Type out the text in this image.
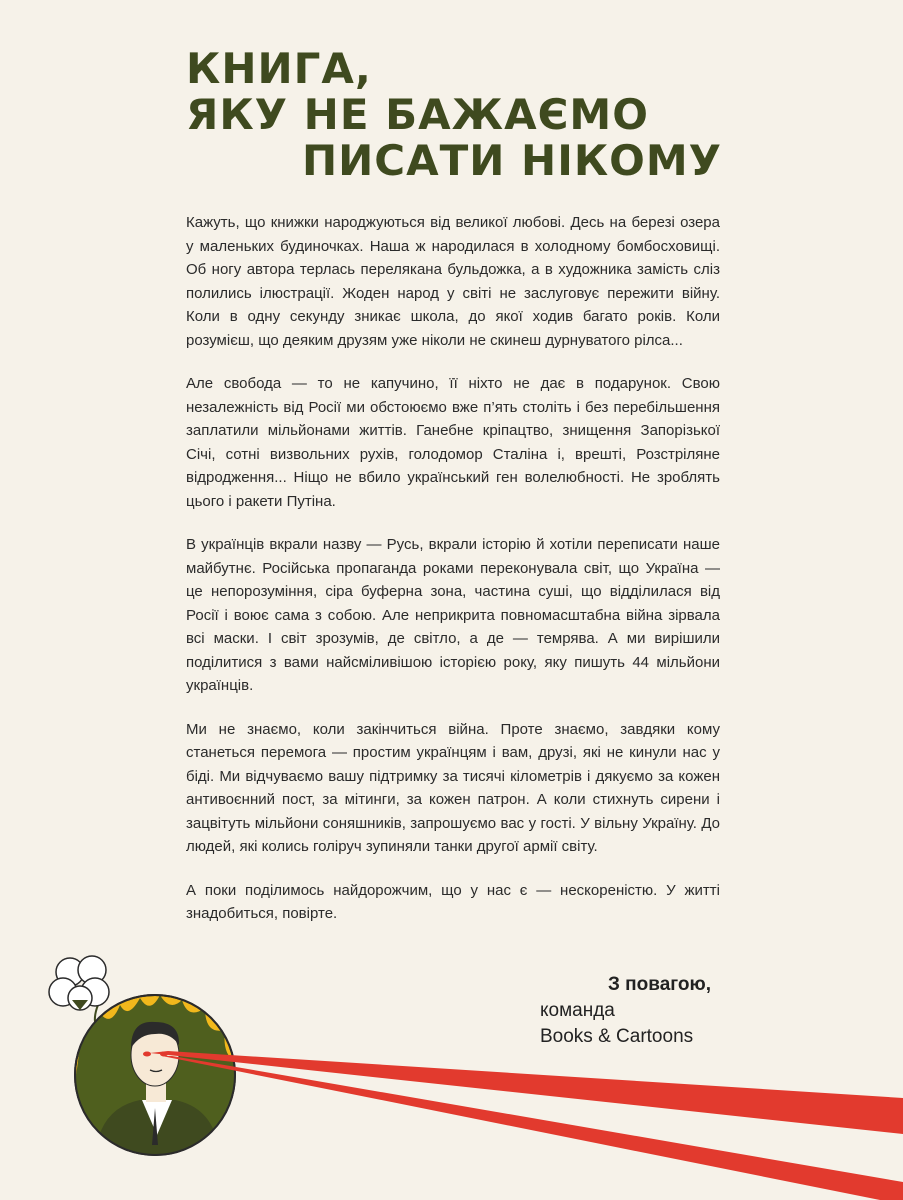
КНИГА,
ЯКУ НЕ БАЖАЄМО
ПИСАТИ НІКОМУ

Кажуть, що книжки народжуються від великої любові. Десь на березі озера у маленьких будиночках. Наша ж народилася в холодному бомбосховищі. Об ногу автора терлась перелякана бульдожка, а в художника замість сліз полились ілюстрації. Жоден народ у світі не заслуговує пережити війну. Коли в одну секунду зникає школа, до якої ходив багато років. Коли розумієш, що деяким друзям уже ніколи не скинеш дурнуватого рілса...

Але свобода — то не капучино, її ніхто не дає в подарунок. Свою незалежність від Росії ми обстоюємо вже п’ять століть і без перебільшення заплатили мільйонами життів. Ганебне кріпацтво, знищення Запорізької Січі, сотні визвольних рухів, голодомор Сталіна і, врешті, Розстріляне відродження... Ніщо не вбило український ген волелюбності. Не зроблять цього і ракети Путіна.

В українців вкрали назву — Русь, вкрали історію й хотіли переписати наше майбутнє. Російська пропаганда роками переконувала світ, що Україна — це непорозуміння, сіра буферна зона, частина суші, що відділилася від Росії і воює сама з собою. Але неприкрита повномасштабна війна зірвала всі маски. І світ зрозумів, де світло, а де — темрява. А ми вирішили поділитися з вами найсміливішою історією року, яку пишуть 44 мільйони українців.

Ми не знаємо, коли закінчиться війна. Проте знаємо, завдяки кому станеться перемога — простим українцям і вам, друзі, які не кинули нас у біді. Ми відчуваємо вашу підтримку за тисячі кілометрів і дякуємо за кожен антивоєнний пост, за мітинги, за кожен патрон. А коли стихнуть сирени і зацвітуть мільйони соняшників, запрошуємо вас у гості. У вільну Україну. До людей, які колись голіруч зупиняли танки другої армії світу.

А поки поділимось найдорожчим, що у нас є — нескореністю. У житті знадобиться, повірте.

З повагою,
команда
Books & Cartoons
